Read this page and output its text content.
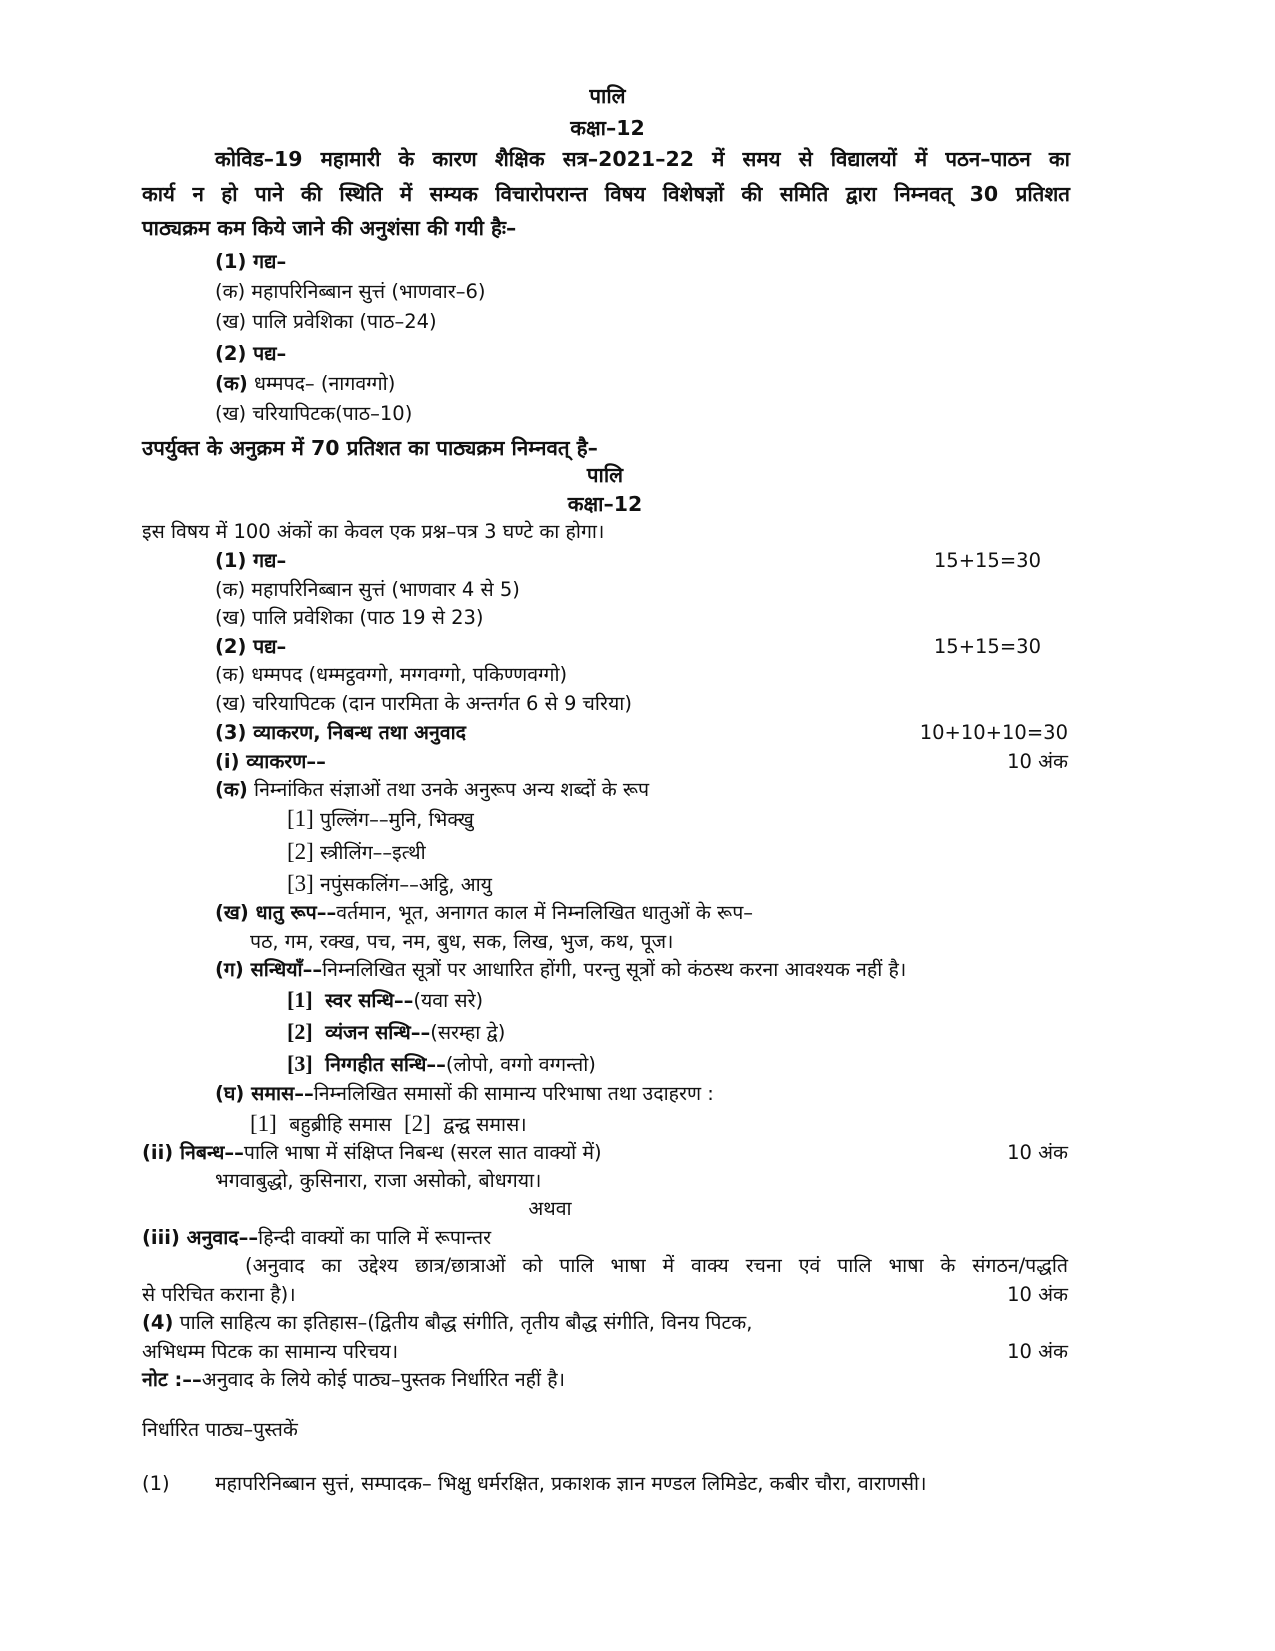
पालि
कक्षा–12
कोविड–19 महामारी के कारण शैक्षिक सत्र–2021–22 में समय से विद्यालयों में पठन–पाठन का
कार्य न हो पाने की स्थिति में सम्यक विचारोपरान्त विषय विशेषज्ञों की समिति द्वारा निम्नवत् 30 प्रतिशत
पाठ्यक्रम कम किये जाने की अनुशंसा की गयी हैः–
(1) गद्य–
(क) महापरिनिब्बान सुत्तं (भाणवार–6)
(ख) पालि प्रवेशिका (पाठ–24)
(2) पद्य–
(क) धम्मपद– (नागवग्गो)
(ख) चरियापिटक(पाठ–10)
उपर्युक्त के अनुक्रम में 70 प्रतिशत का पाठ्यक्रम निम्नवत् है–
पालि
कक्षा–12
इस विषय में 100 अंकों का केवल एक प्रश्न–पत्र 3 घण्टे का होगा।
(1) गद्य–	15+15=30
(क) महापरिनिब्बान सुत्तं (भाणवार 4 से 5)
(ख) पालि प्रवेशिका (पाठ 19 से 23)
(2) पद्य–	15+15=30
(क) धम्मपद (धम्मट्ठवग्गो, मग्गवग्गो, पकिण्णवग्गो)
(ख) चरियापिटक (दान पारमिता के अन्तर्गत 6 से 9 चरिया)
(3) व्याकरण, निबन्ध तथा अनुवाद	10+10+10=30
(i) व्याकरण––	10 अंक
(क) निम्नांकित संज्ञाओं तथा उनके अनुरूप अन्य शब्दों के रूप
[1] पुल्लिंग––मुनि, भिक्खु
[2] स्त्रीलिंग––इत्थी
[3] नपुंसकलिंग––अट्ठि, आयु
(ख) धातु रूप––वर्तमान, भूत, अनागत काल में निम्नलिखित धातुओं के रूप–
पठ, गम, रक्ख, पच, नम, बुध, सक, लिख, भुज, कथ, पूज।
(ग) सन्धियाँ––निम्नलिखित सूत्रों पर आधारित होंगी, परन्तु सूत्रों को कंठस्थ करना आवश्यक नहीं है।
[1] स्वर सन्धि––(यवा सरे)
[2] व्यंजन सन्धि––(सरम्हा द्वे)
[3] निग्गहीत सन्धि––(लोपो, वग्गो वग्गन्तो)
(घ) समास––निम्नलिखित समासों की सामान्य परिभाषा तथा उदाहरण :
[1] बहुब्रीहि समास [2] द्वन्द्व समास।
(ii) निबन्ध––पालि भाषा में संक्षिप्त निबन्ध (सरल सात वाक्यों में)	10 अंक
भगवाबुद्धो, कुसिनारा, राजा असोको, बोधगया।
अथवा
(iii) अनुवाद––हिन्दी वाक्यों का पालि में रूपान्तर
(अनुवाद का उद्देश्य छात्र/छात्राओं को पालि भाषा में वाक्य रचना एवं पालि भाषा के संगठन/पद्धति
से परिचित कराना है)।	10 अंक
(4) पालि साहित्य का इतिहास–(द्वितीय बौद्ध संगीति, तृतीय बौद्ध संगीति, विनय पिटक,
अभिधम्म पिटक का सामान्य परिचय।	10 अंक
नोट :––अनुवाद के लिये कोई पाठ्य–पुस्तक निर्धारित नहीं है।
निर्धारित पाठ्य–पुस्तकें
(1) महापरिनिब्बान सुत्तं, सम्पादक– भिक्षु धर्मरक्षित, प्रकाशक ज्ञान मण्डल लिमिडेट, कबीर चौरा, वाराणसी।
